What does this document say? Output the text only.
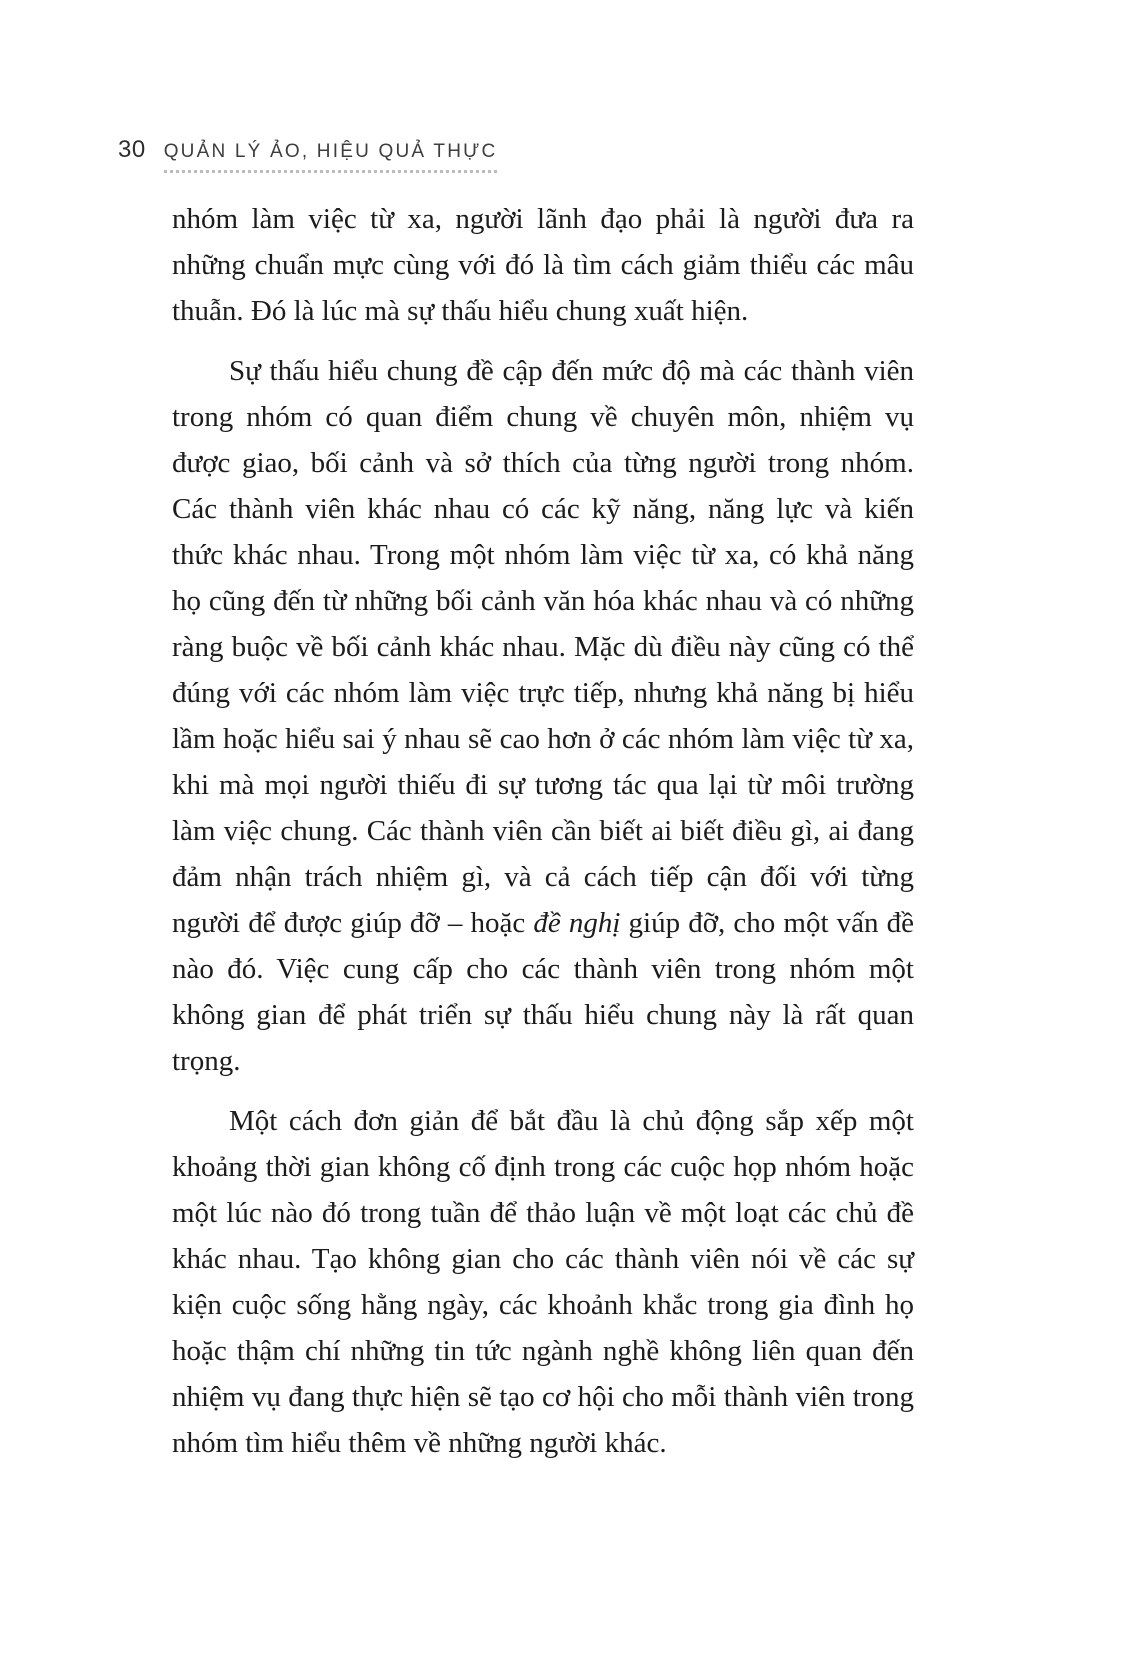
30 QUẢN LÝ ẢO, HIỆU QUẢ THỰC

nhóm làm việc từ xa, người lãnh đạo phải là người đưa ra những chuẩn mực cùng với đó là tìm cách giảm thiểu các mâu thuẫn. Đó là lúc mà sự thấu hiểu chung xuất hiện.

Sự thấu hiểu chung đề cập đến mức độ mà các thành viên trong nhóm có quan điểm chung về chuyên môn, nhiệm vụ được giao, bối cảnh và sở thích của từng người trong nhóm. Các thành viên khác nhau có các kỹ năng, năng lực và kiến thức khác nhau. Trong một nhóm làm việc từ xa, có khả năng họ cũng đến từ những bối cảnh văn hóa khác nhau và có những ràng buộc về bối cảnh khác nhau. Mặc dù điều này cũng có thể đúng với các nhóm làm việc trực tiếp, nhưng khả năng bị hiểu lầm hoặc hiểu sai ý nhau sẽ cao hơn ở các nhóm làm việc từ xa, khi mà mọi người thiếu đi sự tương tác qua lại từ môi trường làm việc chung. Các thành viên cần biết ai biết điều gì, ai đang đảm nhận trách nhiệm gì, và cả cách tiếp cận đối với từng người để được giúp đỡ – hoặc đề nghị giúp đỡ, cho một vấn đề nào đó. Việc cung cấp cho các thành viên trong nhóm một không gian để phát triển sự thấu hiểu chung này là rất quan trọng.

Một cách đơn giản để bắt đầu là chủ động sắp xếp một khoảng thời gian không cố định trong các cuộc họp nhóm hoặc một lúc nào đó trong tuần để thảo luận về một loạt các chủ đề khác nhau. Tạo không gian cho các thành viên nói về các sự kiện cuộc sống hằng ngày, các khoảnh khắc trong gia đình họ hoặc thậm chí những tin tức ngành nghề không liên quan đến nhiệm vụ đang thực hiện sẽ tạo cơ hội cho mỗi thành viên trong nhóm tìm hiểu thêm về những người khác.
